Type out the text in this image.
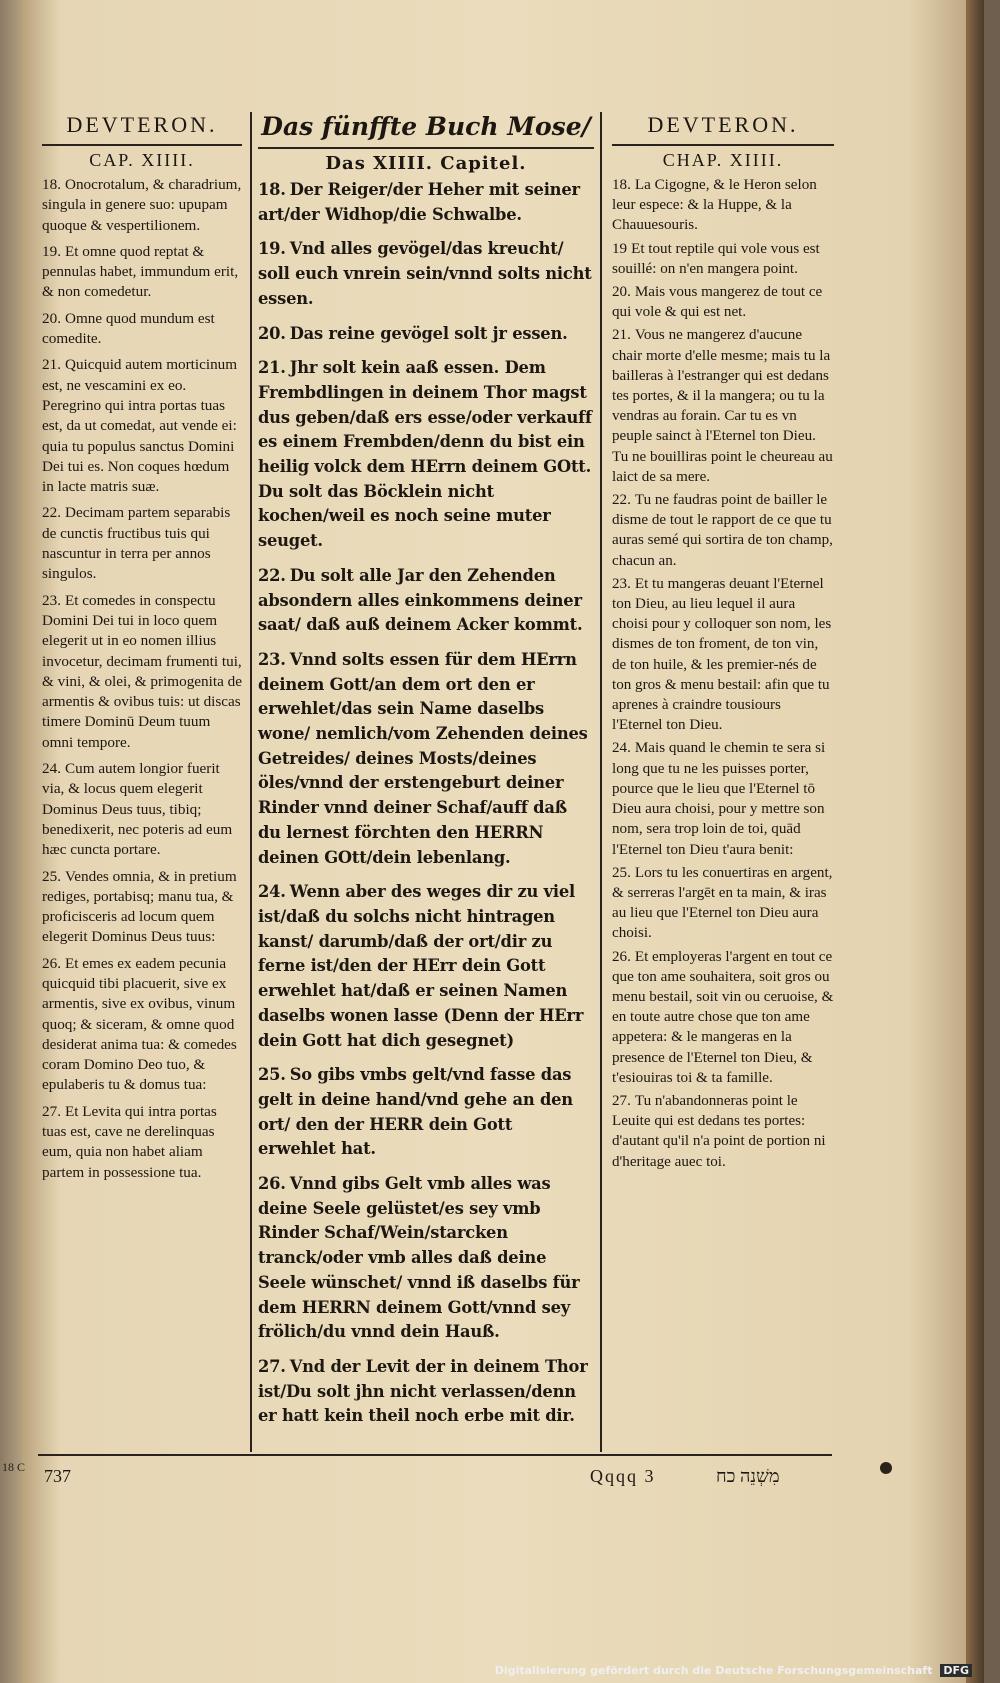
DEVTERON.
CAP. XIIII.
18. Onocrotalum, & charadrium, singula in genere suo: upupam quoque & vespertilionem.
19. Et omne quod reptat & pennulas habet, immundum erit, & non comedetur.
20. Omne quod mundum est comedite.
21. Quicquid autem morticinum est, ne vescamini ex eo. Peregrino qui intra portas tuas est, da ut comedat, aut vende ei: quia tu populus sanctus Domini Dei tui es. Non coques hœdum in lacte matris suæ.
22. Decimam partem separabis de cunctis fructibus tuis qui nascuntur in terra per annos singulos.
23. Et comedes in conspectu Domini Dei tui in loco quem elegerit ut in eo nomen illius invocetur, decimam frumenti tui, & vini, & olei, & primogenita de armentis & ovibus tuis: ut discas timere Dominū Deum tuum omni tempore.
24. Cum autem longior fuerit via, & locus quem elegerit Dominus Deus tuus, tibiq; benedixerit, nec poteris ad eum hæc cuncta portare.
25. Vendes omnia, & in pretium rediges, portabisq; manu tua, & proficisceris ad locum quem elegerit Dominus Deus tuus:
26. Et emes ex eadem pecunia quicquid tibi placuerit, sive ex armentis, sive ex ovibus, vinum quoq; & siceram, & omne quod desiderat anima tua: & comedes coram Domino Deo tuo, & epulaberis tu & domus tua:
27. Et Levita qui intra portas tuas est, cave ne derelinquas eum, quia non habet aliam partem in possessione tua.
Das fünffte Buch Mose/
Das XIIII. Capitel.
18. Der Reiger/der Heher mit seiner art/der Widhop/die Schwalbe.
19. Vnd alles gevögel/das kreucht/ soll euch vnrein sein/vnnd solts nicht essen.
20. Das reine gevögel solt jr essen.
21. Jhr solt kein aaß essen. Dem Frembdlingen in deinem Thor magst dus geben/daß ers esse/oder verkauff es einem Frembden/denn du bist ein heilig volck dem HErrn deinem GOtt. Du solt das Böcklein nicht kochen/weil es noch seine muter seuget.
22. Du solt alle Jar den Zehenden absondern alles einkommens deiner saat/ daß auß deinem Acker kommt.
23. Vnnd solts essen für dem HErrn deinem Gott/an dem ort den er erwehlet/das sein Name daselbs wone/ nemlich/vom Zehenden deines Getreides/ deines Mosts/deines öles/vnnd der erstengeburt deiner Rinder vnnd deiner Schaf/auff daß du lernest förchten den HERRN deinen GOtt/dein lebenlang.
24. Wenn aber des weges dir zu viel ist/daß du solchs nicht hintragen kanst/ darumb/daß der ort/dir zu ferne ist/den der HErr dein Gott erwehlet hat/daß er seinen Namen daselbs wonen lasse (Denn der HErr dein Gott hat dich gesegnet)
25. So gibs vmbs gelt/vnd fasse das gelt in deine hand/vnd gehe an den ort/ den der HERR dein Gott erwehlet hat.
26. Vnnd gibs Gelt vmb alles was deine Seele gelüstet/es sey vmb Rinder Schaf/Wein/starcken tranck/oder vmb alles daß deine Seele wünschet/ vnnd iß daselbs für dem HERRN deinem Gott/vnnd sey frölich/du vnnd dein Hauß.
27. Vnd der Levit der in deinem Thor ist/Du solt jhn nicht verlassen/denn er hatt kein theil noch erbe mit dir.
DEVTERON.
CHAP. XIIII.
18. La Cigogne, & le Heron selon leur espece: & la Huppe, & la Chauuesouris.
19 Et tout reptile qui vole vous est souillé: on n'en mangera point.
20. Mais vous mangerez de tout ce qui vole & qui est net.
21. Vous ne mangerez d'aucune chair morte d'elle mesme; mais tu la bailleras à l'estranger qui est dedans tes portes, & il la mangera; ou tu la vendras au forain. Car tu es vn peuple sainct à l'Eternel ton Dieu. Tu ne bouilliras point le cheureau au laict de sa mere.
22. Tu ne faudras point de bailler le disme de tout le rapport de ce que tu auras semé qui sortira de ton champ, chacun an.
23. Et tu mangeras deuant l'Eternel ton Dieu, au lieu lequel il aura choisi pour y colloquer son nom, les dismes de ton froment, de ton vin, de ton huile, & les premier-nés de ton gros & menu bestail: afin que tu aprenes à craindre tousiours l'Eternel ton Dieu.
24. Mais quand le chemin te sera si long que tu ne les puisses porter, pource que le lieu que l'Eternel tō Dieu aura choisi, pour y mettre son nom, sera trop loin de toi, quād l'Eternel ton Dieu t'aura benit:
25. Lors tu les conuertiras en argent, & serreras l'argēt en ta main, & iras au lieu que l'Eternel ton Dieu aura choisi.
26. Et employeras l'argent en tout ce que ton ame souhaitera, soit gros ou menu bestail, soit vin ou ceruoise, & en toute autre chose que ton ame appetera: & le mangeras en la presence de l'Eternel ton Dieu, & t'esiouiras toi & ta famille.
27. Tu n'abandonneras point le Leuite qui est dedans tes portes: d'autant qu'il n'a point de portion ni d'heritage auec toi.
737	Qqqq 3	מִשְׁנֵה כח
18 C
Digitalisierung gefördert durch die Deutsche Forschungsgemeinschaft DFG
